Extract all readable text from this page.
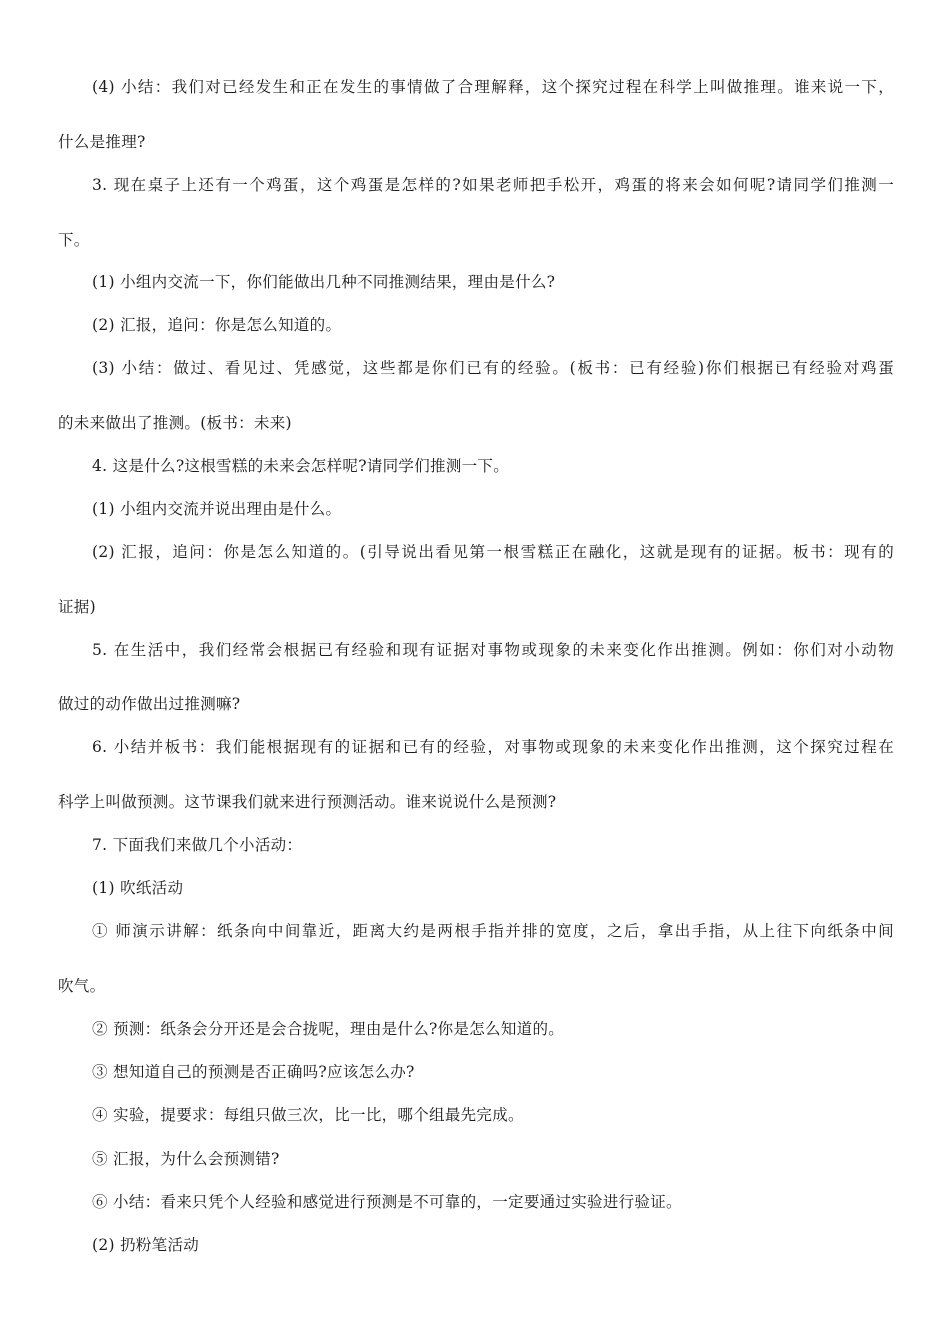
(4) 小结：我们对已经发生和正在发生的事情做了合理解释，这个探究过程在科学上叫做推理。谁来说一下，
什么是推理?
3. 现在桌子上还有一个鸡蛋，这个鸡蛋是怎样的?如果老师把手松开，鸡蛋的将来会如何呢?请同学们推测一
下。
(1) 小组内交流一下，你们能做出几种不同推测结果，理由是什么?
(2) 汇报，追问：你是怎么知道的。
(3) 小结：做过、看见过、凭感觉，这些都是你们已有的经验。(板书：已有经验)你们根据已有经验对鸡蛋
的未来做出了推测。(板书：未来)
4. 这是什么?这根雪糕的未来会怎样呢?请同学们推测一下。
(1) 小组内交流并说出理由是什么。
(2) 汇报，追问：你是怎么知道的。(引导说出看见第一根雪糕正在融化，这就是现有的证据。板书：现有的
证据)
5. 在生活中，我们经常会根据已有经验和现有证据对事物或现象的未来变化作出推测。例如：你们对小动物
做过的动作做出过推测嘛?
6. 小结并板书：我们能根据现有的证据和已有的经验，对事物或现象的未来变化作出推测，这个探究过程在
科学上叫做预测。这节课我们就来进行预测活动。谁来说说什么是预测?
7. 下面我们来做几个小活动：
(1) 吹纸活动
① 师演示讲解：纸条向中间靠近，距离大约是两根手指并排的宽度，之后，拿出手指，从上往下向纸条中间
吹气。
② 预测：纸条会分开还是会合拢呢，理由是什么?你是怎么知道的。
③ 想知道自己的预测是否正确吗?应该怎么办?
④ 实验，提要求：每组只做三次，比一比，哪个组最先完成。
⑤ 汇报，为什么会预测错?
⑥ 小结：看来只凭个人经验和感觉进行预测是不可靠的，一定要通过实验进行验证。
(2) 扔粉笔活动
